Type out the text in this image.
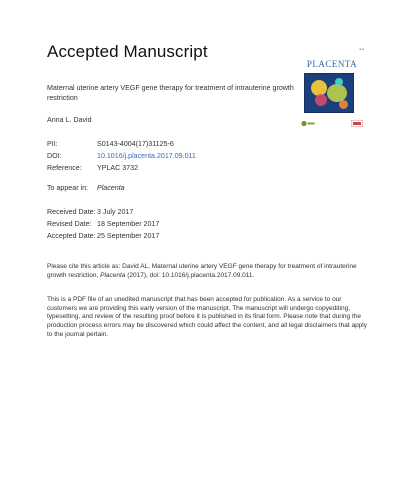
Accepted Manuscript	■ ■
PLACENTA
Maternal uterine artery VEGF gene therapy for treatment of intrauterine growth restriction
Anna L. David
PII:	S0143-4004(17)31125-6
DOI:	10.1016/j.placenta.2017.09.011
Reference: YPLAC 3732
To appear in: Placenta
Received Date: 3 July 2017
Revised Date: 18 September 2017
Accepted Date: 25 September 2017
Please cite this article as: David AL, Maternal uterine artery VEGF gene therapy for treatment of intrauterine growth restriction, Placenta (2017), doi: 10.1016/j.placenta.2017.09.011.
This is a PDF file of an unedited manuscript that has been accepted for publication. As a service to our customers we are providing this early version of the manuscript. The manuscript will undergo copyediting, typesetting, and review of the resulting proof before it is published in its final form. Please note that during the production process errors may be discovered which could affect the content, and all legal disclaimers that apply to the journal pertain.
